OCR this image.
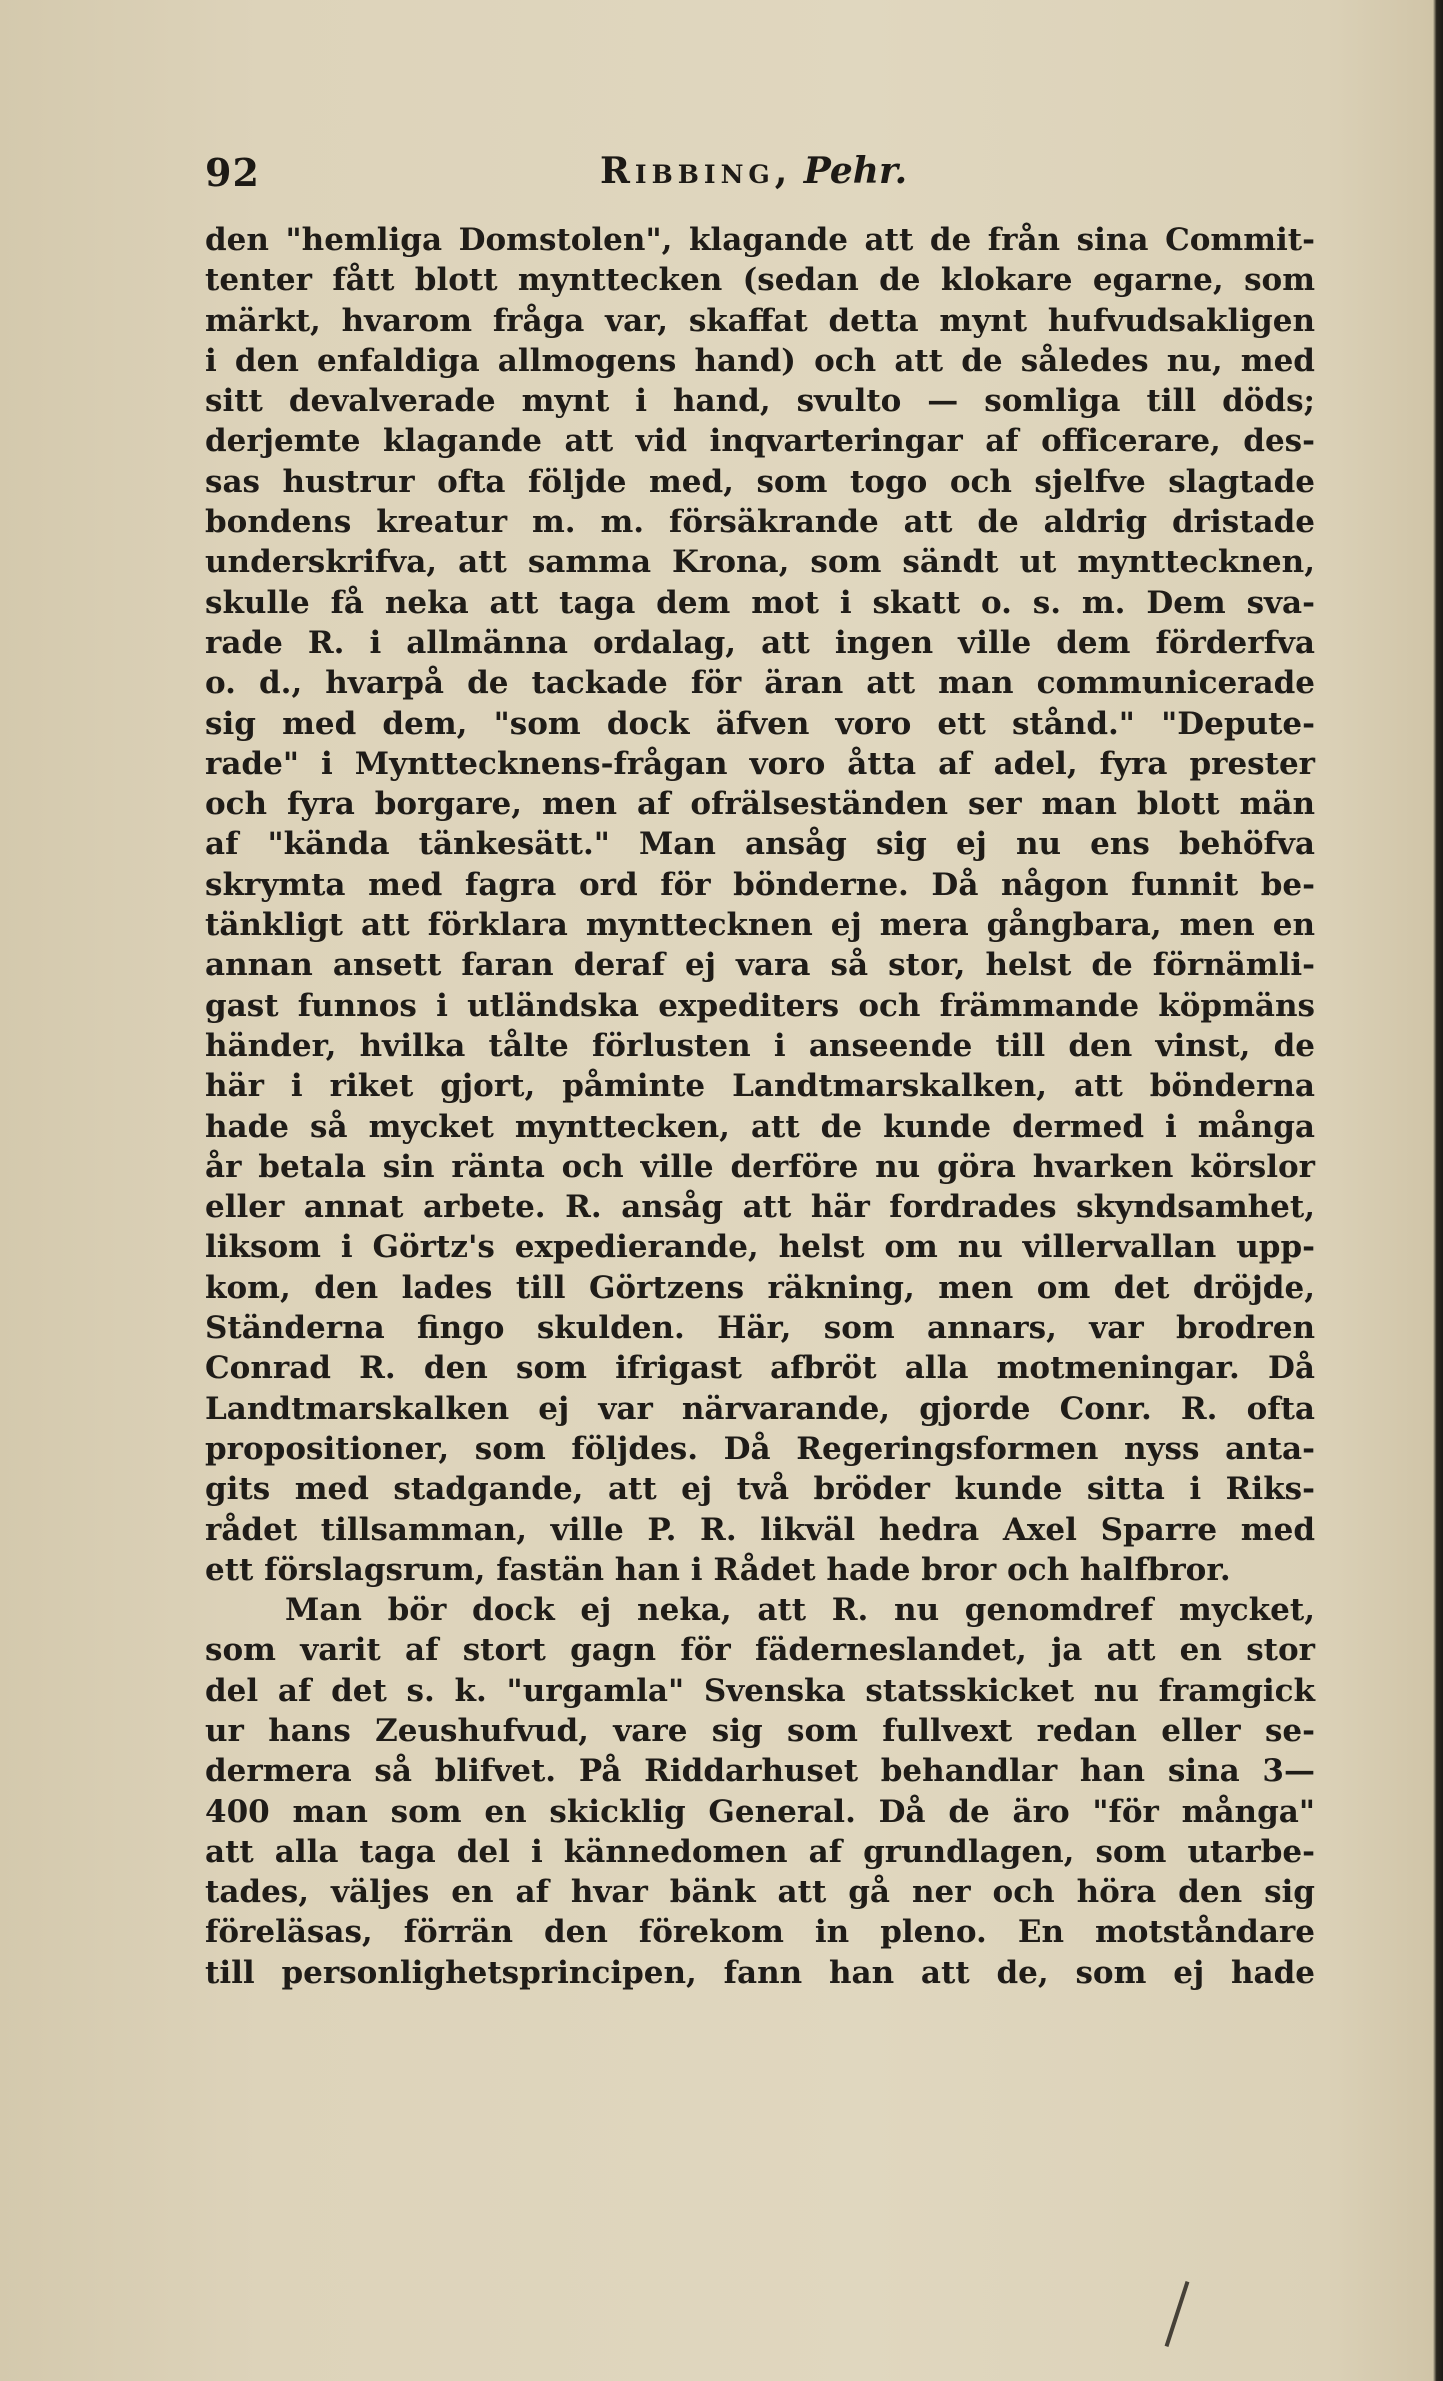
92	Ribbing, Pehr.
den "hemliga Domstolen", klagande att de från sina Commit-
tenter fått blott mynttecken (sedan de klokare egarne, som
märkt, hvarom fråga var, skaffat detta mynt hufvudsakligen
i den enfaldiga allmogens hand) och att de således nu, med
sitt devalverade mynt i hand, svulto — somliga till döds;
derjemte klagande att vid inqvarteringar af officerare, des-
sas hustrur ofta följde med, som togo och sjelfve slagtade
bondens kreatur m. m. försäkrande att de aldrig dristade
underskrifva, att samma Krona, som sändt ut mynttecknen,
skulle få neka att taga dem mot i skatt o. s. m. Dem sva-
rade R. i allmänna ordalag, att ingen ville dem förderfva
o. d., hvarpå de tackade för äran att man communicerade
sig med dem, "som dock äfven voro ett stånd." "Depute-
rade" i Mynttecknens-frågan voro åtta af adel, fyra prester
och fyra borgare, men af ofrälseständen ser man blott män
af "kända tänkesätt." Man ansåg sig ej nu ens behöfva
skrymta med fagra ord för bönderne. Då någon funnit be-
tänkligt att förklara mynttecknen ej mera gångbara, men en
annan ansett faran deraf ej vara så stor, helst de förnämli-
gast funnos i utländska expediters och främmande köpmäns
händer, hvilka tålte förlusten i anseende till den vinst, de
här i riket gjort, påminte Landtmarskalken, att bönderna
hade så mycket mynttecken, att de kunde dermed i många
år betala sin ränta och ville derföre nu göra hvarken körslor
eller annat arbete. R. ansåg att här fordrades skyndsamhet,
liksom i Görtz's expedierande, helst om nu villervallan upp-
kom, den lades till Görtzens räkning, men om det dröjde,
Ständerna fingo skulden. Här, som annars, var brodren
Conrad R. den som ifrigast afbröt alla motmeningar. Då
Landtmarskalken ej var närvarande, gjorde Conr. R. ofta
propositioner, som följdes. Då Regeringsformen nyss anta-
gits med stadgande, att ej två bröder kunde sitta i Riks-
rådet tillsamman, ville P. R. likväl hedra Axel Sparre med
ett förslagsrum, fastän han i Rådet hade bror och halfbror.
Man bör dock ej neka, att R. nu genomdref mycket,
som varit af stort gagn för fäderneslandet, ja att en stor
del af det s. k. "urgamla" Svenska statsskicket nu framgick
ur hans Zeushufvud, vare sig som fullvext redan eller se-
dermera så blifvet. På Riddarhuset behandlar han sina 3—
400 man som en skicklig General. Då de äro "för många"
att alla taga del i kännedomen af grundlagen, som utarbe-
tades, väljes en af hvar bänk att gå ner och höra den sig
föreläsas, förrän den förekom in pleno. En motståndare
till personlighetsprincipen, fann han att de, som ej hade
